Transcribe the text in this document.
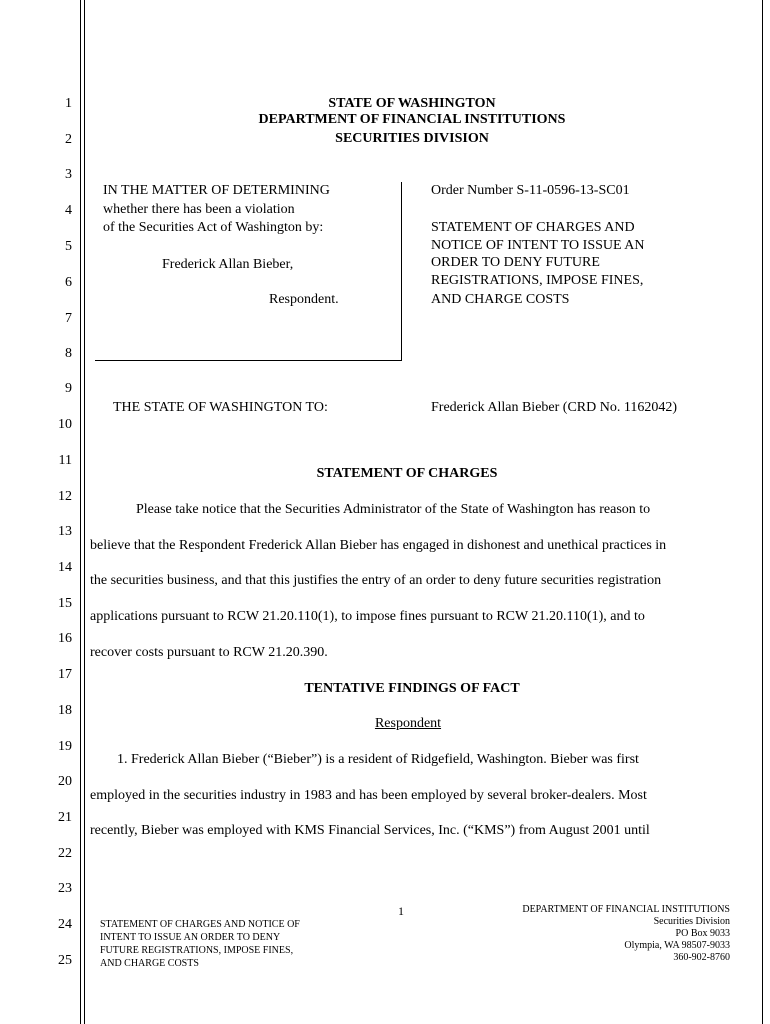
1
2
3
4
5
6
7
8
9
10
11
12
13
14
15
16
17
18
19
20
21
22
23
24
25
STATE OF WASHINGTON
DEPARTMENT OF FINANCIAL INSTITUTIONS
SECURITIES DIVISION
IN THE MATTER OF DETERMINING
whether there has been a violation
of the Securities Act of Washington by:
Frederick Allan Bieber,
Respondent.
Order Number S-11-0596-13-SC01
STATEMENT OF CHARGES AND
NOTICE OF INTENT TO ISSUE AN
ORDER TO DENY FUTURE
REGISTRATIONS, IMPOSE FINES,
AND CHARGE COSTS
THE STATE OF WASHINGTON TO:	Frederick Allan Bieber (CRD No. 1162042)
STATEMENT OF CHARGES
Please take notice that the Securities Administrator of the State of Washington has reason to
believe that the Respondent Frederick Allan Bieber has engaged in dishonest and unethical practices in
the securities business, and that this justifies the entry of an order to deny future securities registration
applications pursuant to RCW 21.20.110(1), to impose fines pursuant to RCW 21.20.110(1), and to
recover costs pursuant to RCW 21.20.390.
TENTATIVE FINDINGS OF FACT
Respondent
1. Frederick Allan Bieber (“Bieber”) is a resident of Ridgefield, Washington. Bieber was first
employed in the securities industry in 1983 and has been employed by several broker-dealers. Most
recently, Bieber was employed with KMS Financial Services, Inc. (“KMS”) from August 2001 until
1
STATEMENT OF CHARGES AND NOTICE OF
INTENT TO ISSUE AN ORDER TO DENY
FUTURE REGISTRATIONS, IMPOSE FINES,
AND CHARGE COSTS
DEPARTMENT OF FINANCIAL INSTITUTIONS
Securities Division
PO Box 9033
Olympia, WA 98507-9033
360-902-8760
